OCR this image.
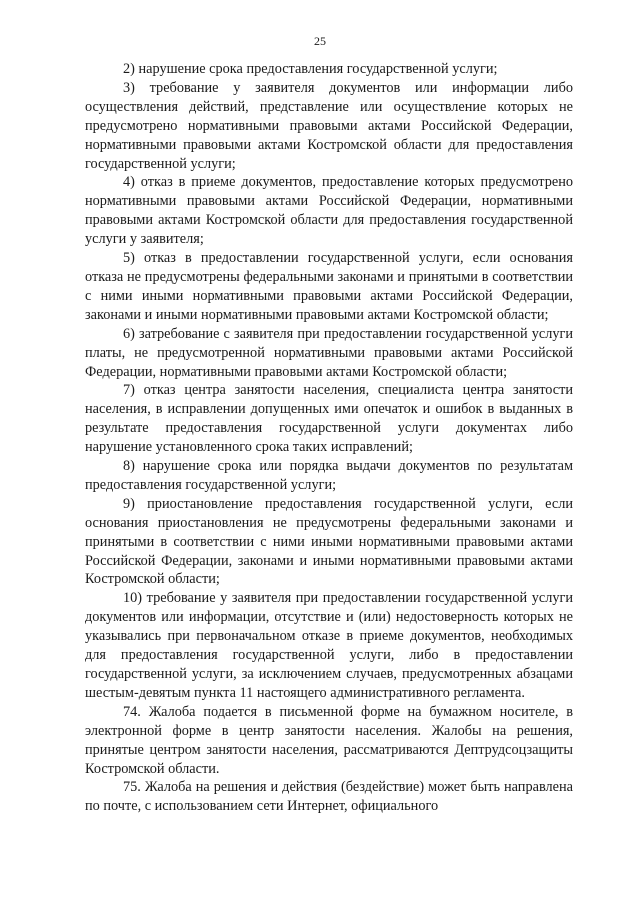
25

2) нарушение срока предоставления государственной услуги;

3) требование у заявителя документов или информации либо осуществления действий, представление или осуществление которых не предусмотрено нормативными правовыми актами Российской Федерации, нормативными правовыми актами Костромской области для предоставления государственной услуги;

4) отказ в приеме документов, предоставление которых предусмотрено нормативными правовыми актами Российской Федерации, нормативными правовыми актами Костромской области для предоставления государственной услуги у заявителя;

5) отказ в предоставлении государственной услуги, если основания отказа не предусмотрены федеральными законами и принятыми в соответствии с ними иными нормативными правовыми актами Российской Федерации, законами и иными нормативными правовыми актами Костромской области;

6) затребование с заявителя при предоставлении государственной услуги платы, не предусмотренной нормативными правовыми актами Российской Федерации, нормативными правовыми актами Костромской области;

7) отказ центра занятости населения, специалиста центра занятости населения, в исправлении допущенных ими опечаток и ошибок в выданных в результате предоставления государственной услуги документах либо нарушение установленного срока таких исправлений;

8) нарушение срока или порядка выдачи документов по результатам предоставления государственной услуги;

9) приостановление предоставления государственной услуги, если основания приостановления не предусмотрены федеральными законами и принятыми в соответствии с ними иными нормативными правовыми актами Российской Федерации, законами и иными нормативными правовыми актами Костромской области;

10) требование у заявителя при предоставлении государственной услуги документов или информации, отсутствие и (или) недостоверность которых не указывались при первоначальном отказе в приеме документов, необходимых для предоставления государственной услуги, либо в предоставлении государственной услуги, за исключением случаев, предусмотренных абзацами шестым-девятым пункта 11 настоящего административного регламента.

74. Жалоба подается в письменной форме на бумажном носителе, в электронной форме в центр занятости населения. Жалобы на решения, принятые центром занятости населения, рассматриваются Дептрудсоцзащиты Костромской области.

75. Жалоба на решения и действия (бездействие) может быть направлена по почте, с использованием сети Интернет, официального
